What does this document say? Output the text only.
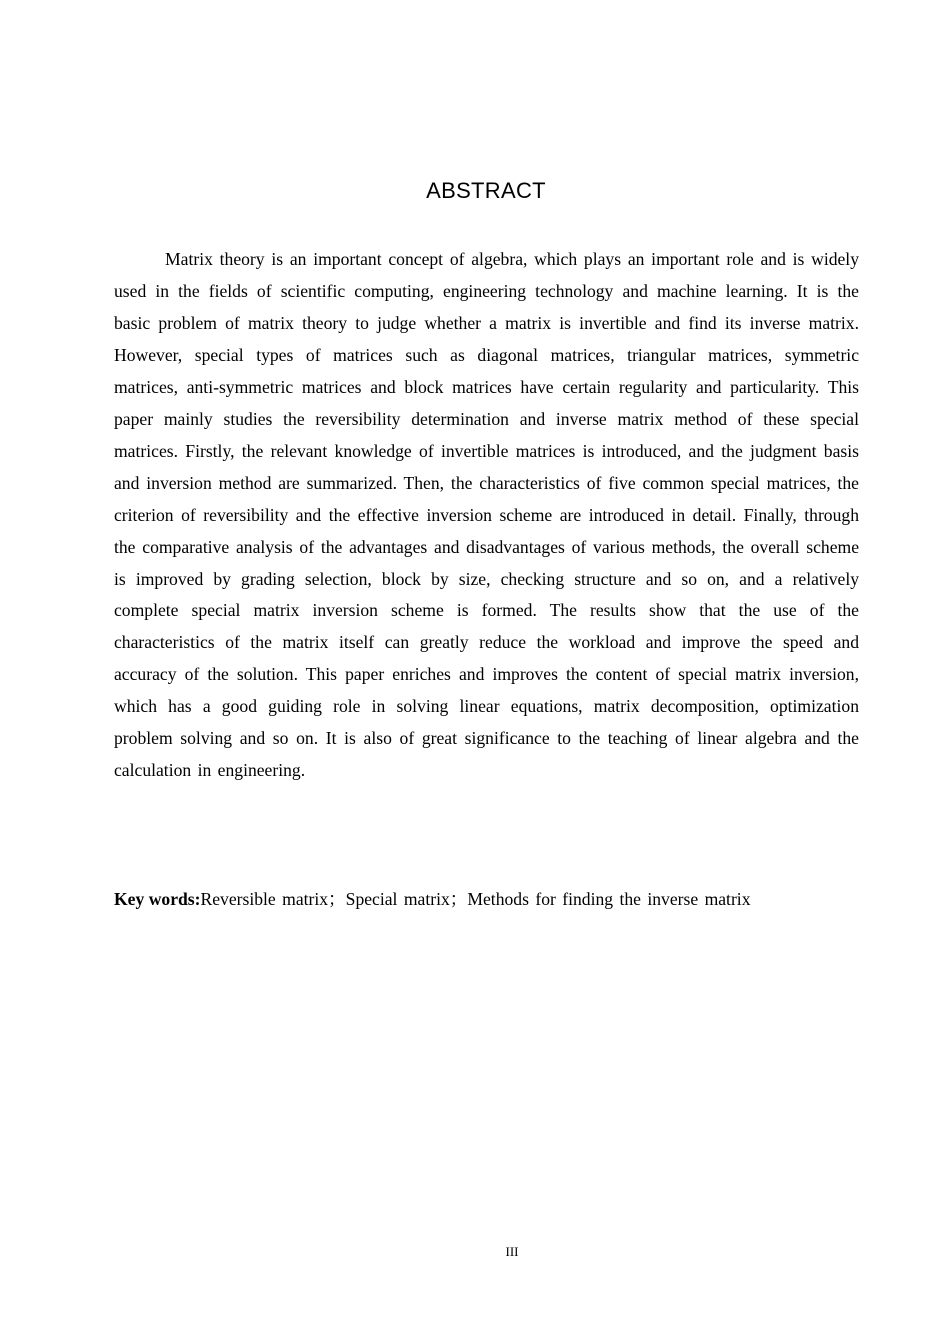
ABSTRACT

Matrix theory is an important concept of algebra, which plays an important role and is widely used in the fields of scientific computing, engineering technology and machine learning. It is the basic problem of matrix theory to judge whether a matrix is invertible and find its inverse matrix. However, special types of matrices such as diagonal matrices, triangular matrices, symmetric matrices, anti-symmetric matrices and block matrices have certain regularity and particularity. This paper mainly studies the reversibility determination and inverse matrix method of these special matrices. Firstly, the relevant knowledge of invertible matrices is introduced, and the judgment basis and inversion method are summarized. Then, the characteristics of five common special matrices, the criterion of reversibility and the effective inversion scheme are introduced in detail. Finally, through the comparative analysis of the advantages and disadvantages of various methods, the overall scheme is improved by grading selection, block by size, checking structure and so on, and a relatively complete special matrix inversion scheme is formed. The results show that the use of the characteristics of the matrix itself can greatly reduce the workload and improve the speed and accuracy of the solution. This paper enriches and improves the content of special matrix inversion, which has a good guiding role in solving linear equations, matrix decomposition, optimization problem solving and so on. It is also of great significance to the teaching of linear algebra and the calculation in engineering.

Key words:Reversible matrix；Special matrix；Methods for finding the inverse matrix

III
